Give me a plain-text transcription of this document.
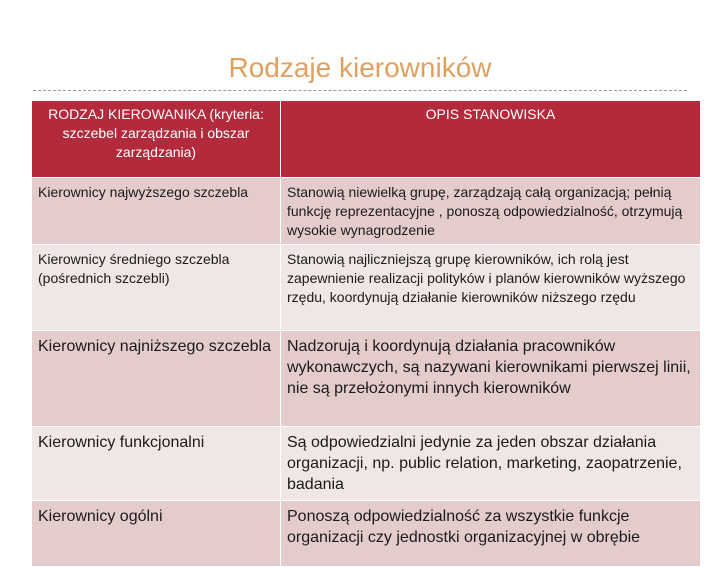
Rodzaje kierowników
RODZAJ KIEROWANIKA (kryteria: szczebel zarządzania i obszar zarządzania)	OPIS STANOWISKA
Kierownicy najwyższego szczebla	Stanowią niewielką grupę, zarządzają całą organizacją; pełnią funkcję reprezentacyjne , ponoszą odpowiedzialność, otrzymują wysokie wynagrodzenie
Kierownicy średniego szczebla (pośrednich szczebli)	Stanowią najliczniejszą grupę kierowników, ich rolą jest zapewnienie realizacji polityków i planów kierowników wyższego rzędu, koordynują działanie kierowników niższego rzędu
Kierownicy najniższego szczebla	Nadzorują i koordynują działania pracowników wykonawczych, są nazywani kierownikami pierwszej linii, nie są przełożonymi innych kierowników
Kierownicy funkcjonalni	Są odpowiedzialni jedynie za jeden obszar działania organizacji, np. public relation, marketing, zaopatrzenie, badania
Kierownicy ogólni	Ponoszą odpowiedzialność za wszystkie funkcje organizacji czy jednostki organizacyjnej w obrębie
